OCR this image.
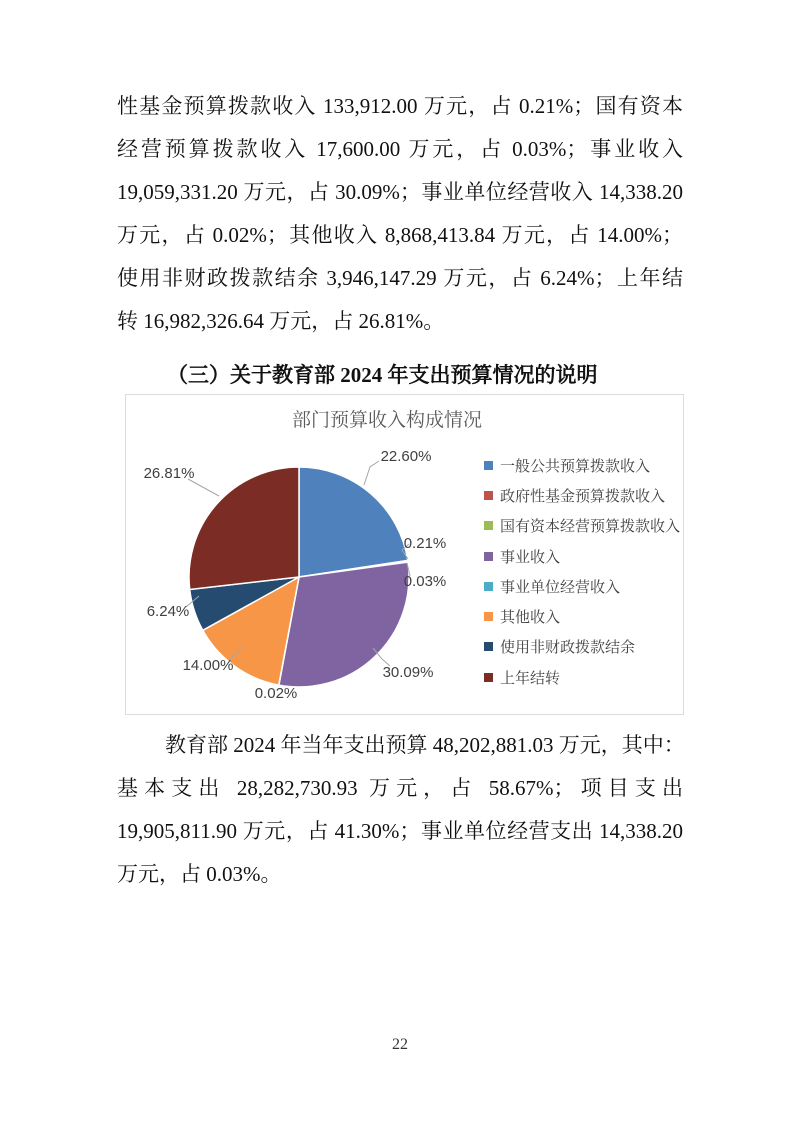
性基金预算拨款收入 133,912.00 万元，占 0.21%；国有资本
经营预算拨款收入 17,600.00 万元，占 0.03%；事业收入
19,059,331.20 万元，占 30.09%；事业单位经营收入 14,338.20
万元，占 0.02%；其他收入 8,868,413.84 万元，占 14.00%；
使用非财政拨款结余 3,946,147.29 万元，占 6.24%；上年结
转 16,982,326.64 万元，占 26.81%。
（三）关于教育部 2024 年支出预算情况的说明
22.60%
0.21%
0.03%
30.09%
0.02%
14.00%
6.24%
26.81%
部门预算收入构成情况
一般公共预算拨款收入
政府性基金预算拨款收入
国有资本经营预算拨款收入
事业收入
事业单位经营收入
其他收入
使用非财政拨款结余
上年结转
教育部 2024 年当年支出预算 48,202,881.03 万元，其中：
基本支出 28,282,730.93 万元，占 58.67%；项目支出
19,905,811.90 万元，占 41.30%；事业单位经营支出 14,338.20
万元，占 0.03%。
22
